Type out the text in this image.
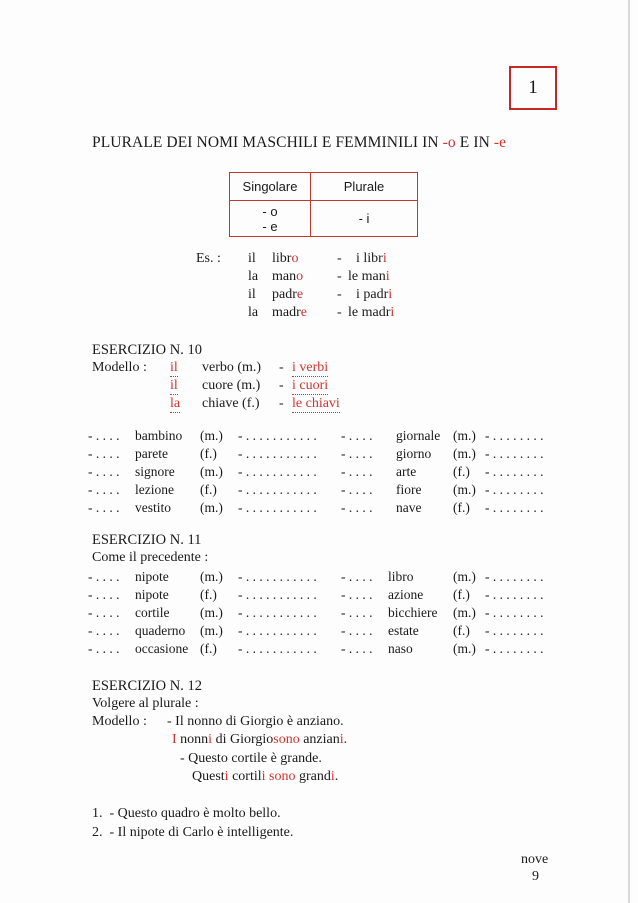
1
PLURALE DEI NOMI MASCHILI E FEMMINILI IN -o E IN -e
Singolare	Plurale

- o
- e	- i
Es. : il libro	- i libri
la mano - le mani
il padre - i padri
la madre - le madri
ESERCIZIO N. 10
Modello : il verbo (m.) - i verbi
il cuore (m.) - i cuori
la chiave (f.) - le chiavi
- . . . . bambino (m.) - . . . . . . . . . . . - . . . . giornale (m.) - . . . . . . . .
- . . . . parete (f.) - . . . . . . . . . . . - . . . . giorno (m.) - . . . . . . . .
- . . . . signore (m.) - . . . . . . . . . . . - . . . . arte	(f.) - . . . . . . . .
- . . . . lezione (f.) - . . . . . . . . . . . - . . . . fiore (m.) - . . . . . . . .
- . . . . vestito (m.) - . . . . . . . . . . . - . . . . nave (f.) - . . . . . . . .
ESERCIZIO N. 11
Come il precedente :
- . . . . nipote (m.) - . . . . . . . . . . . - . . . . libro	(m.) - . . . . . . . .
- . . . . nipote (f.) - . . . . . . . . . . . - . . . . azione (f.) - . . . . . . . .
- . . . . cortile (m.) - . . . . . . . . . . . - . . . . bicchiere (m.) - . . . . . . . .
- . . . . quaderno (m.) - . . . . . . . . . . . - . . . . estate	(f.) - . . . . . . . .
- . . . . occasione (f.) - . . . . . . . . . . . - . . . . naso	(m.) - . . . . . . . .
ESERCIZIO N. 12
Volgere al plurale :
Modello : - Il nonno di Giorgio è anziano.
I nonni di Giorgiosono anziani.
- Questo cortile è grande.
Questi cortili sono grandi.
1. - Questo quadro è molto bello.
2. - Il nipote di Carlo è intelligente.
nove
9
